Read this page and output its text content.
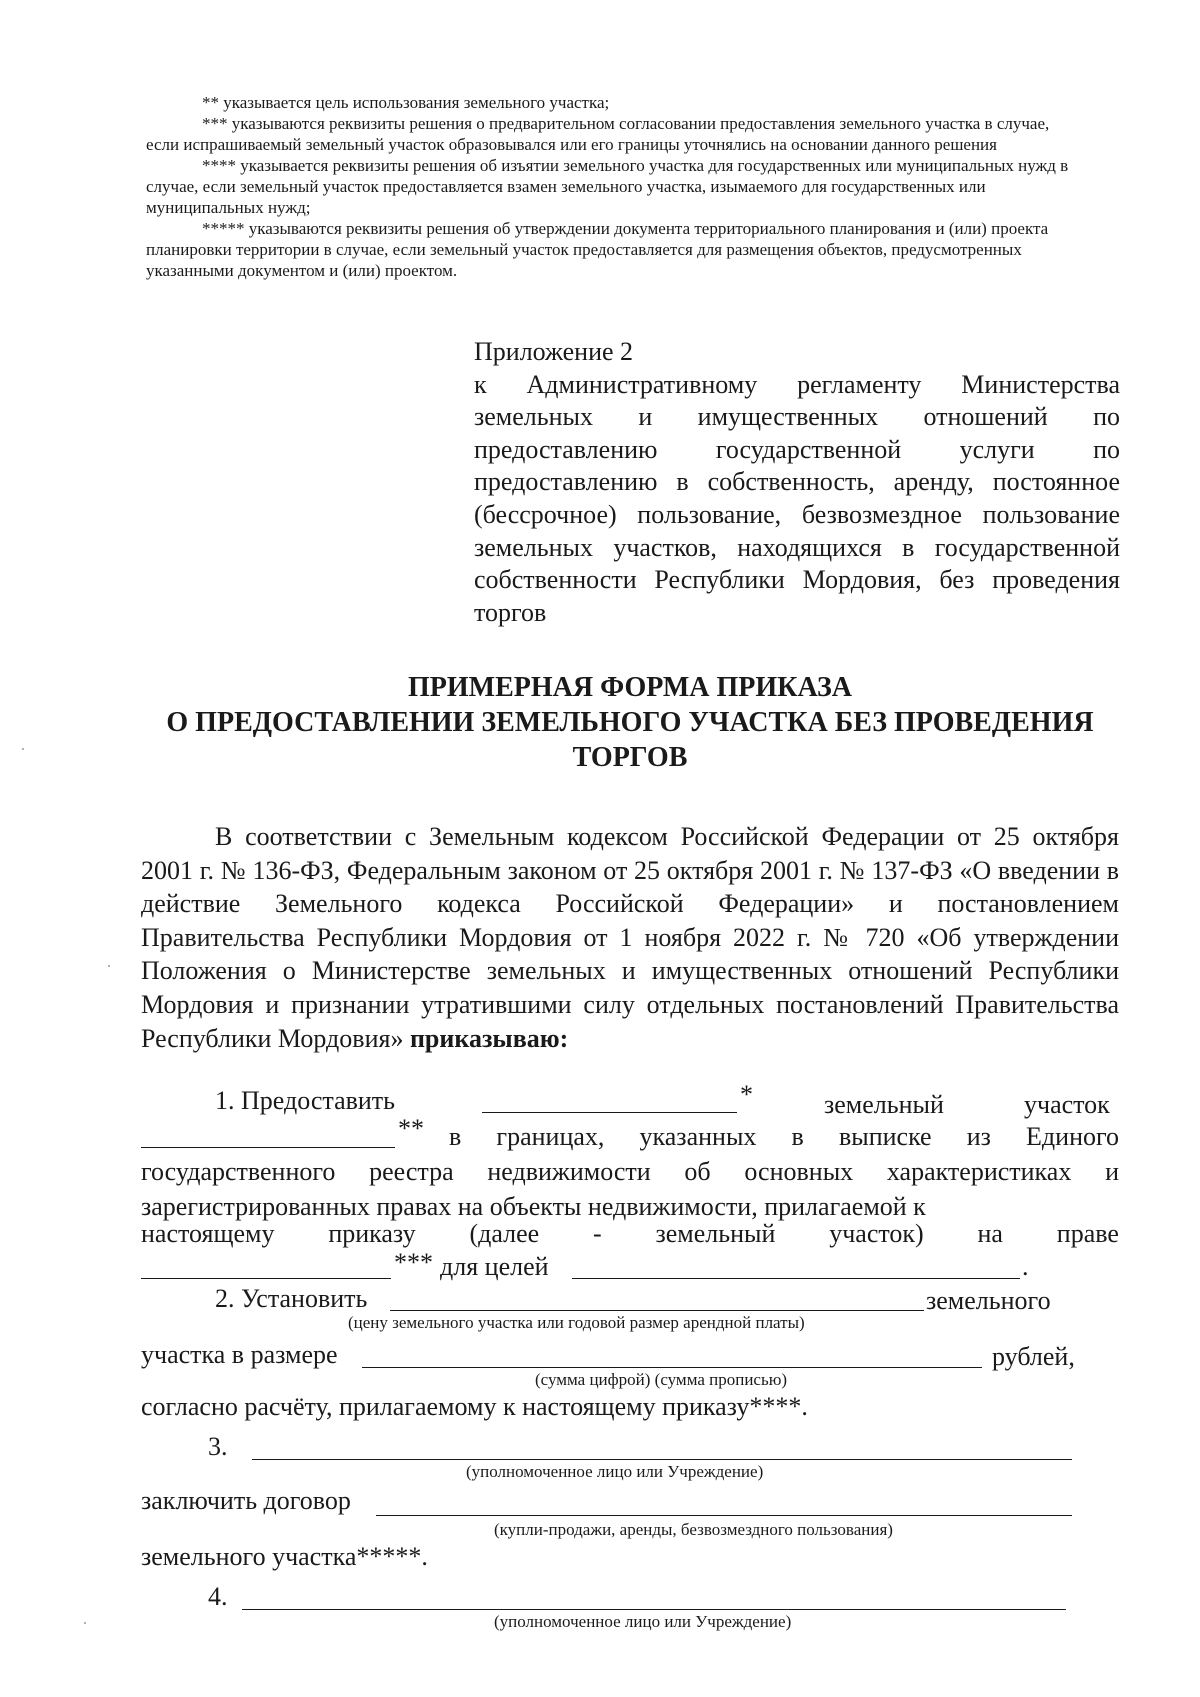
** указывается цель использования земельного участка;

*** указываются реквизиты решения о предварительном согласовании предоставления земельного участка в случае, если испрашиваемый земельный участок образовывался или его границы уточнялись на основании данного решения

**** указывается реквизиты решения об изъятии земельного участка для государственных или муниципальных нужд в случае, если земельный участок предоставляется взамен земельного участка, изымаемого для государственных или муниципальных нужд;

***** указываются реквизиты решения об утверждении документа территориального планирования и (или) проекта планировки территории в случае, если земельный участок предоставляется для размещения объектов, предусмотренных указанными документом и (или) проектом.

Приложение 2

к Административному регламенту Министерства земельных и имущественных отношений по предоставлению государственной услуги по предоставлению в собственность, аренду, постоянное (бессрочное) пользование, безвозмездное пользование земельных участков, находящихся в государственной собственности Республики Мордовия, без проведения торгов

ПРИМЕРНАЯ ФОРМА ПРИКАЗА
О ПРЕДОСТАВЛЕНИИ ЗЕМЕЛЬНОГО УЧАСТКА БЕЗ ПРОВЕДЕНИЯ
ТОРГОВ

В соответствии с Земельным кодексом Российской Федерации от 25 октября 2001 г. № 136-ФЗ, Федеральным законом от 25 октября 2001 г. № 137-ФЗ «О введении в действие Земельного кодекса Российской Федерации» и постановлением Правительства Республики Мордовия от 1 ноября 2022 г. № 720 «Об утверждении Положения о Министерстве земельных и имущественных отношений Республики Мордовия и признании утратившими силу отдельных постановлений Правительства Республики Мордовия» приказываю:

1. Предоставить	*	земельный	участок
** в границах, указанных в выписке из Единого государственного реестра недвижимости об основных характеристиках и зарегистрированных правах на объекты недвижимости, прилагаемой к

настоящему приказу (далее - земельный участок) на праве
*** для целей	.
2. Установить	земельного
(цену земельного участка или годовой размер арендной платы)
участка в размере	рублей,
(сумма цифрой) (сумма прописью)
согласно расчёту, прилагаемому к настоящему приказу****.
3.
(уполномоченное лицо или Учреждение)
заключить договор
(купли-продажи, аренды, безвозмездного пользования)
земельного участка*****.
4.
(уполномоченное лицо или Учреждение)
